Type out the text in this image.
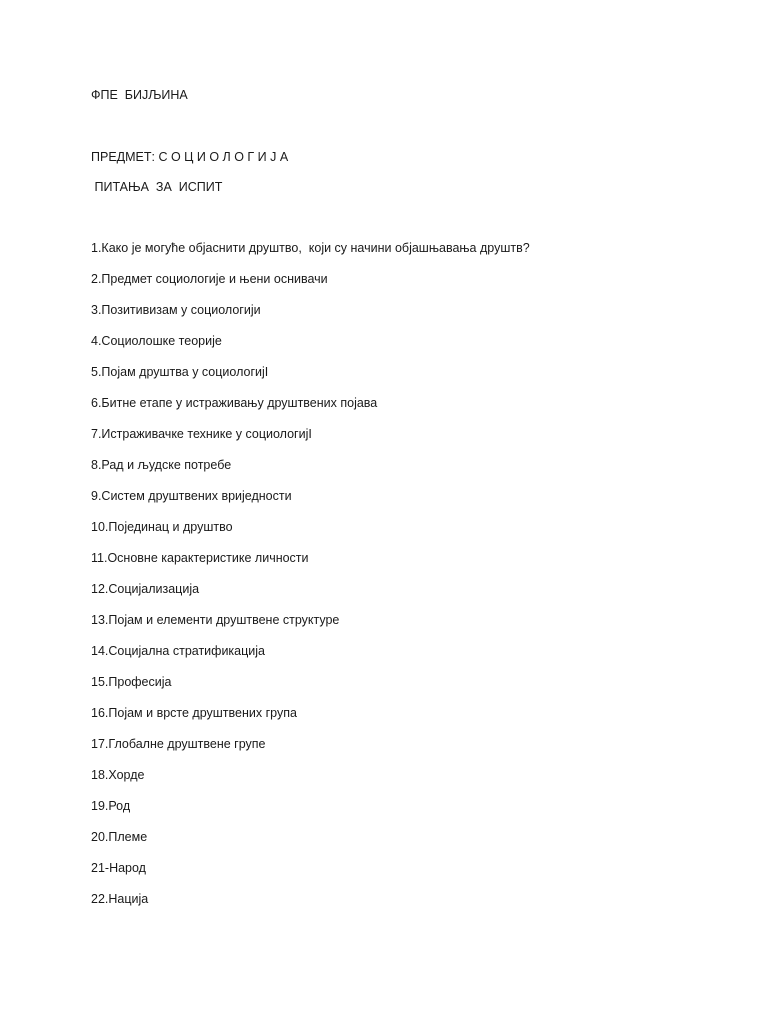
ФПЕ  БИЈЉИНА
ПРЕДМЕТ: С О Ц И О Л О Г И Ј А
ПИТАЊА  ЗА  ИСПИТ
1.Како је могуће објаснити друштво,  који су начини објашњавања друштв?
2.Предмет социологије и њени оснивачи
3.Позитивизам у социологији
4.Социолошке теорије
5.Појам друштва у социологијI
6.Битне етапе у истраживању друштвених појава
7.Истраживачке технике у социологијI
8.Рад и људске потребе
9.Систем друштвених вриједности
10.Појединац и друштво
11.Основне карактеристике личности
12.Социјализација
13.Појам и елементи друштвене структуре
14.Социјална стратификација
15.Професија
16.Појам и врсте друштвених група
17.Глобалне друштвене групе
18.Хорде
19.Род
20.Племе
21-Народ
22.Нација
